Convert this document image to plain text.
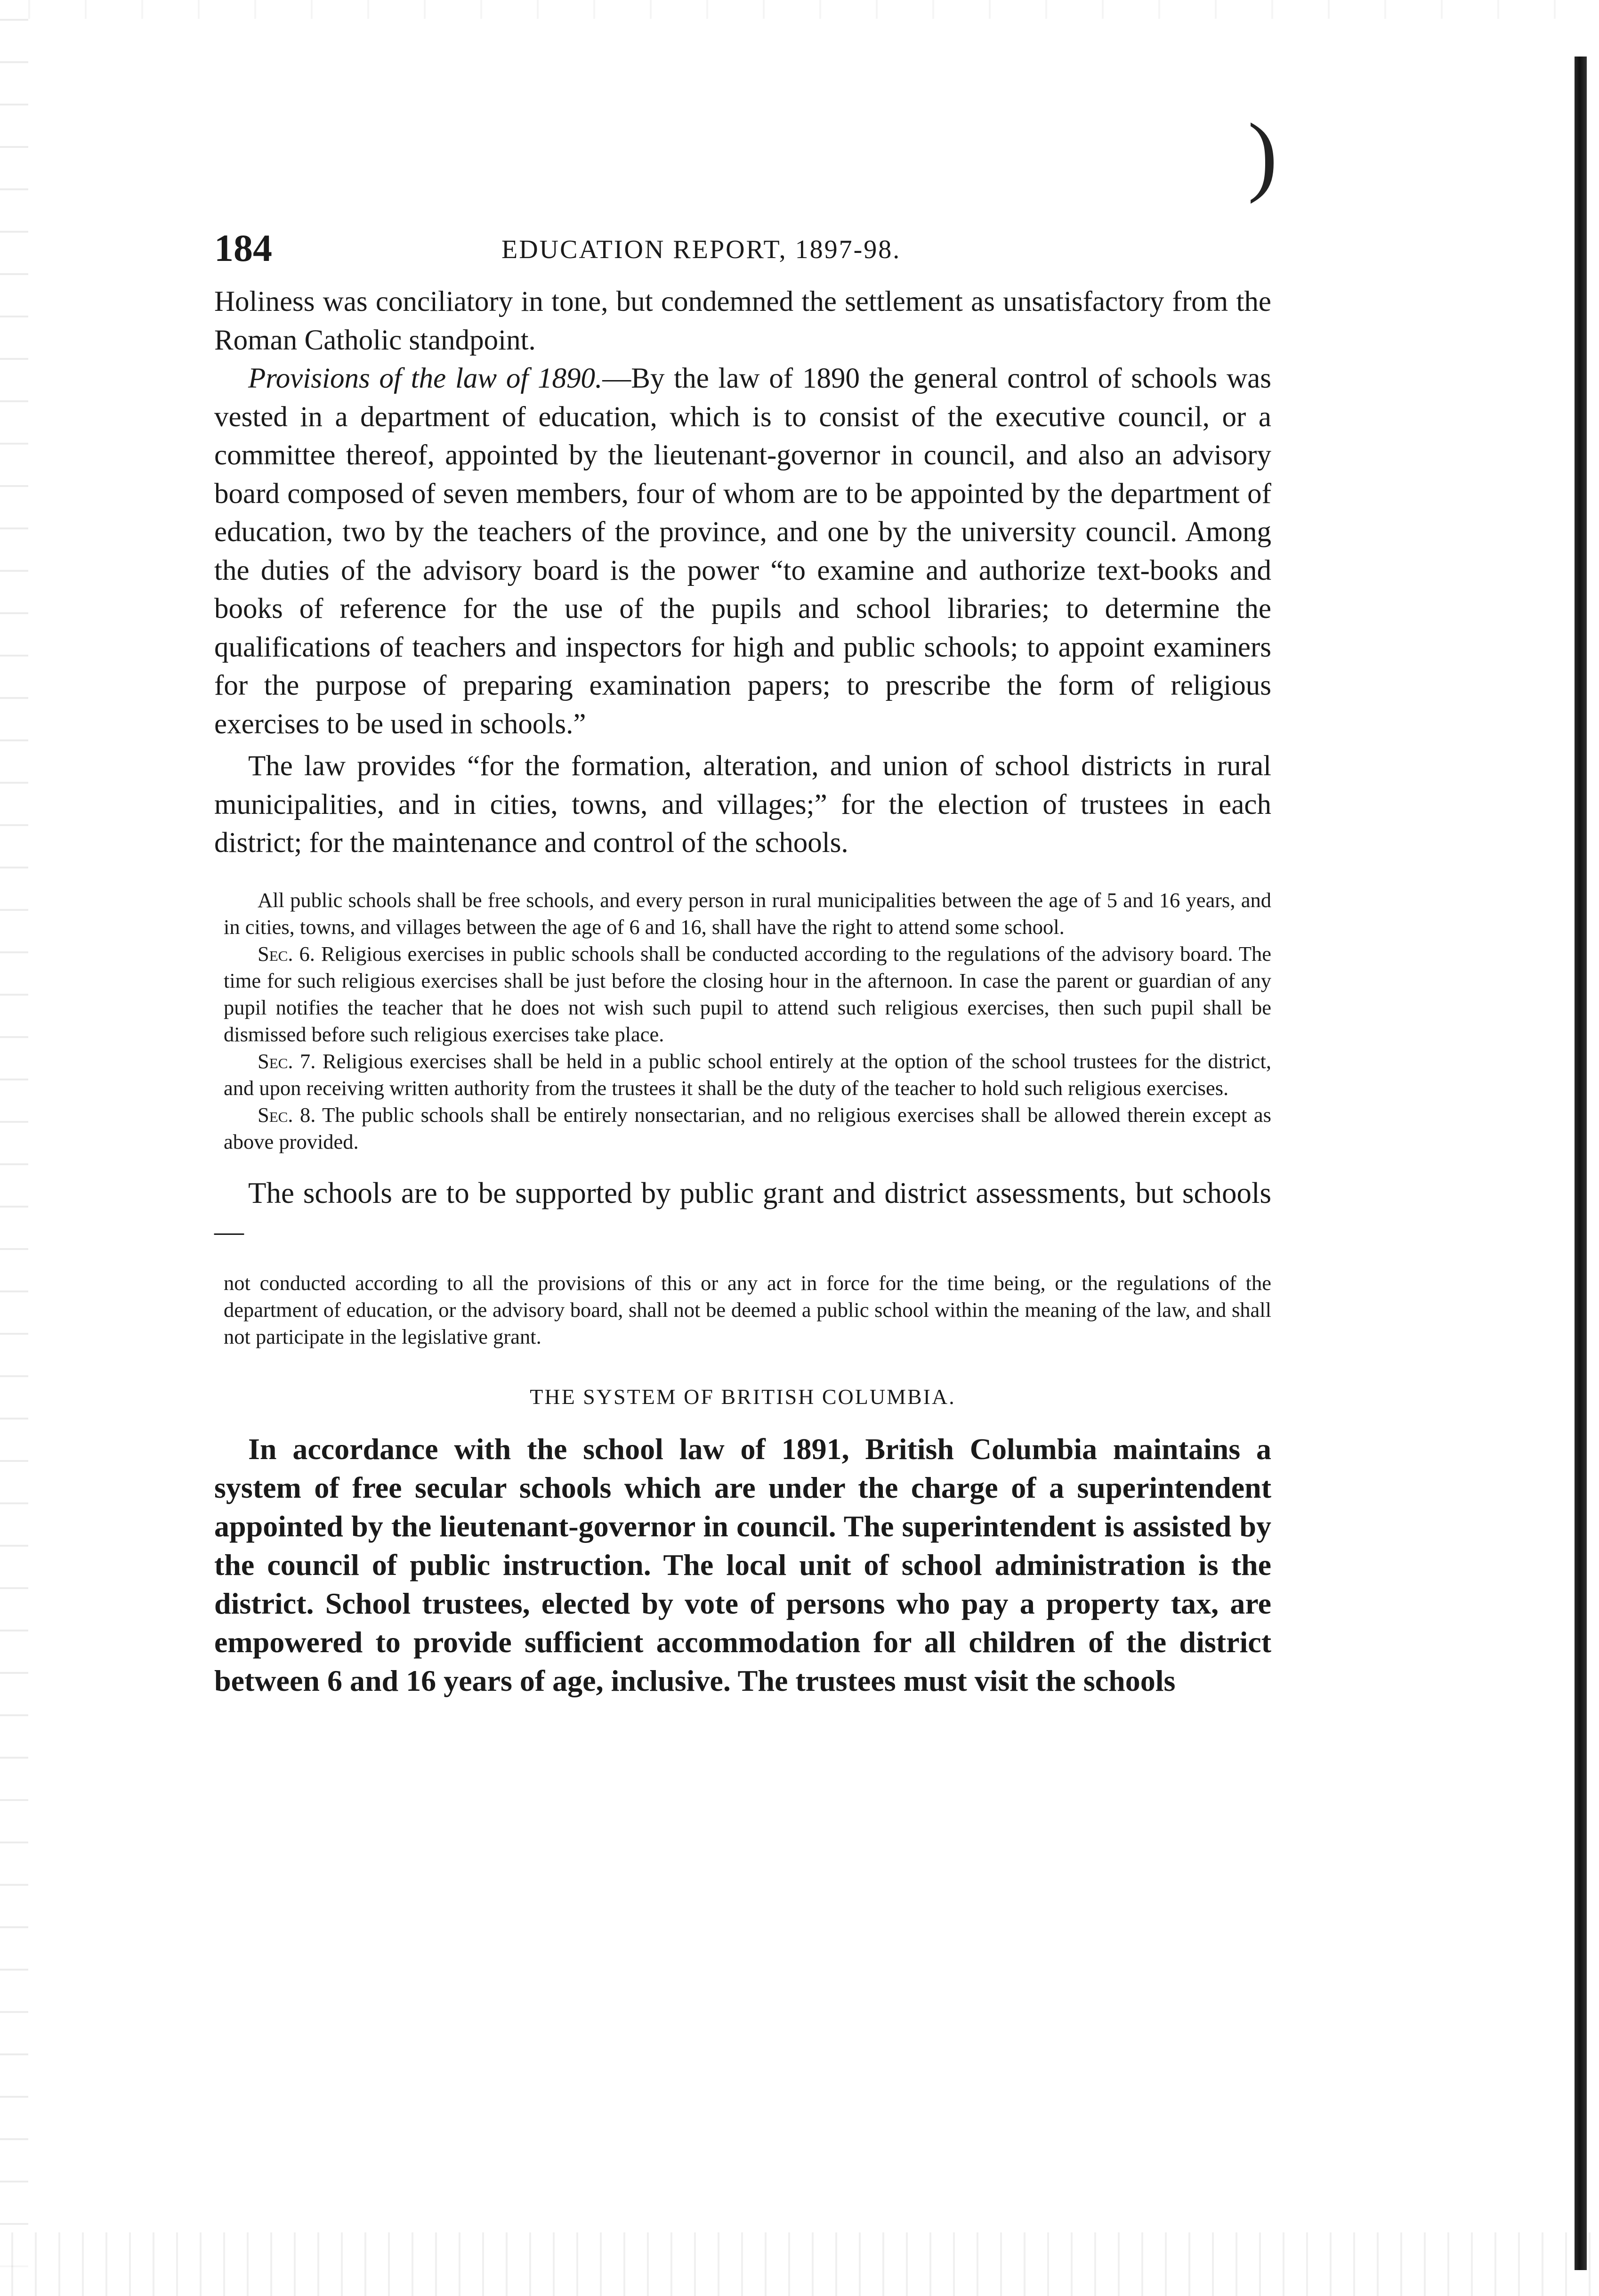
)
184	EDUCATION REPORT, 1897-98.

Holiness was conciliatory in tone, but condemned the settlement as unsatisfactory from the Roman Catholic standpoint.

Provisions of the law of 1890.—By the law of 1890 the general control of schools was vested in a department of education, which is to consist of the executive council, or a committee thereof, appointed by the lieutenant-governor in council, and also an advisory board composed of seven members, four of whom are to be appointed by the department of education, two by the teachers of the province, and one by the university council. Among the duties of the advisory board is the power “to examine and authorize text-books and books of reference for the use of the pupils and school libraries; to determine the qualifications of teachers and inspectors for high and public schools; to appoint examiners for the purpose of preparing examination papers; to prescribe the form of religious exercises to be used in schools.”

The law provides “for the formation, alteration, and union of school districts in rural municipalities, and in cities, towns, and villages;” for the election of trustees in each district; for the maintenance and control of the schools.

All public schools shall be free schools, and every person in rural municipalities between the age of 5 and 16 years, and in cities, towns, and villages between the age of 6 and 16, shall have the right to attend some school.

Sec. 6. Religious exercises in public schools shall be conducted according to the regulations of the advisory board. The time for such religious exercises shall be just before the closing hour in the afternoon. In case the parent or guardian of any pupil notifies the teacher that he does not wish such pupil to attend such religious exercises, then such pupil shall be dismissed before such religious exercises take place.

Sec. 7. Religious exercises shall be held in a public school entirely at the option of the school trustees for the district, and upon receiving written authority from the trustees it shall be the duty of the teacher to hold such religious exercises.

Sec. 8. The public schools shall be entirely nonsectarian, and no religious exercises shall be allowed therein except as above provided.

The schools are to be supported by public grant and district assessments, but schools—

not conducted according to all the provisions of this or any act in force for the time being, or the regulations of the department of education, or the advisory board, shall not be deemed a public school within the meaning of the law, and shall not participate in the legislative grant.

THE SYSTEM OF BRITISH COLUMBIA.

In accordance with the school law of 1891, British Columbia maintains a system of free secular schools which are under the charge of a superintendent appointed by the lieutenant-governor in council. The superintendent is assisted by the council of public instruction. The local unit of school administration is the district. School trustees, elected by vote of persons who pay a property tax, are empowered to provide sufficient accommodation for all children of the district between 6 and 16 years of age, inclusive. The trustees must visit the schools
